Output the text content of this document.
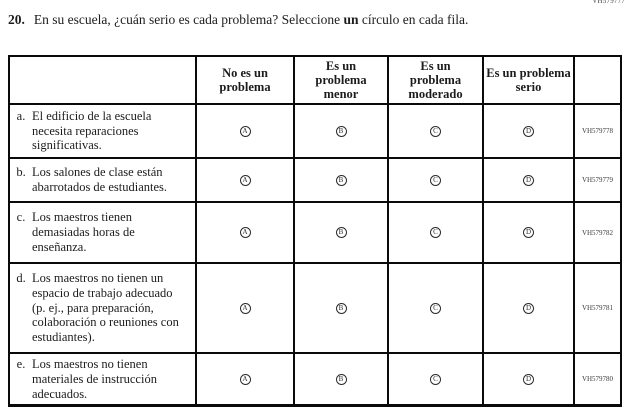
VH579777
20. En su escuela, ¿cuán serio es cada problema? Seleccione un círculo en cada fila.
	No es un problema	Es un problema menor	Es un problema moderado	Es un problema serio	

a. El edificio de la escuela necesita reparaciones significativas.	A	B	C	D	VH579778

b. Los salones de clase están abarrotados de estudiantes.	A	B	C	D	VH579779

c. Los maestros tienen demasiadas horas de enseñanza.	A	B	C	D	VH579782

d. Los maestros no tienen un espacio de trabajo adecuado (p. ej., para preparación, colaboración o reuniones con estudiantes).	A	B	C	D	VH579781

e. Los maestros no tienen materiales de instrucción adecuados.	A	B	C	D	VH579780
